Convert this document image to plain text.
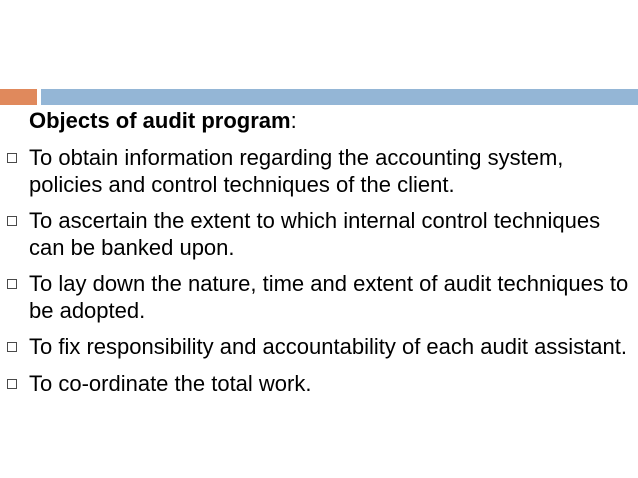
Objects of audit program:
To obtain information regarding the accounting system, policies and control techniques of the client.
To ascertain the extent to which internal control techniques can be banked upon.
To lay down the nature, time and extent of audit techniques to be adopted.
To fix responsibility and accountability of each audit assistant.
To co-ordinate the total work.
